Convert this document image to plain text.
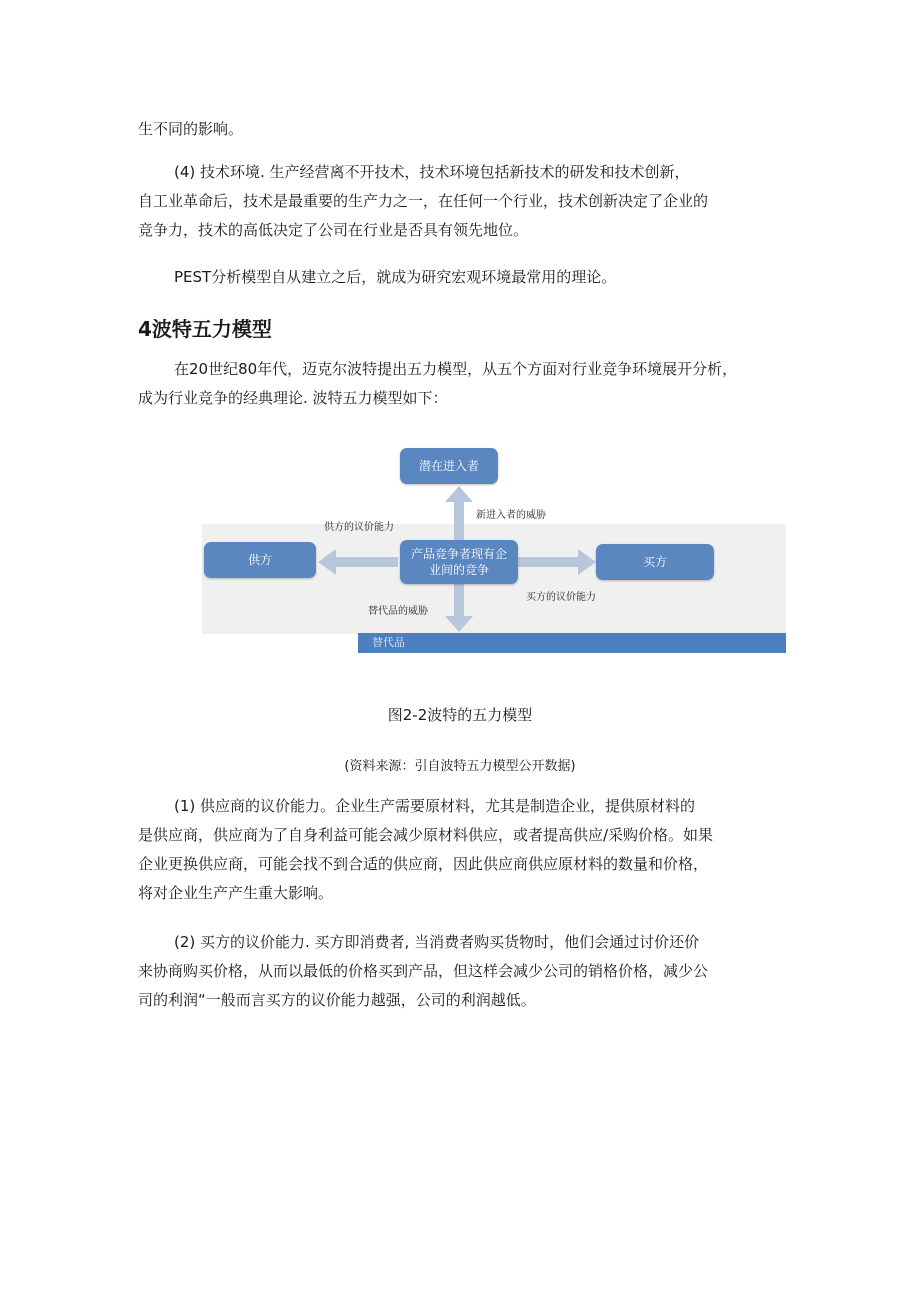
生不同的影响。

(4) 技术环境. 生产经营离不开技术，技术环境包括新技术的研发和技术创新，

自工业革命后，技术是最重要的生产力之一，在任何一个行业，技术创新决定了企业的

竞争力，技术的高低决定了公司在行业是否具有领先地位。

PEST分析模型自从建立之后，就成为研究宏观环境最常用的理论。

4波特五力模型

在20世纪80年代，迈克尔波特提出五力模型，从五个方面对行业竞争环境展开分析，

成为行业竞争的经典理论. 波特五力模型如下：

潜在进入者
产品竞争者现有企业间的竞争
供方	买方
替代品
新进入者的威胁
供方的议价能力
买方的议价能力
替代品的威胁

图2-2波特的五力模型

(资料来源：引自波特五力模型公开数据)

(1) 供应商的议价能力。企业生产需要原材料，尤其是制造企业，提供原材料的

是供应商，供应商为了自身利益可能会减少原材料供应，或者提高供应/采购价格。如果

企业更换供应商，可能会找不到合适的供应商，因此供应商供应原材料的数量和价格，

将对企业生产产生重大影响。

(2) 买方的议价能力. 买方即消费者, 当消费者购买货物时，他们会通过讨价还价

来协商购买价格，从而以最低的价格买到产品，但这样会减少公司的销格价格，减少公

司的利润“一般而言买方的议价能力越强，公司的利润越低。
